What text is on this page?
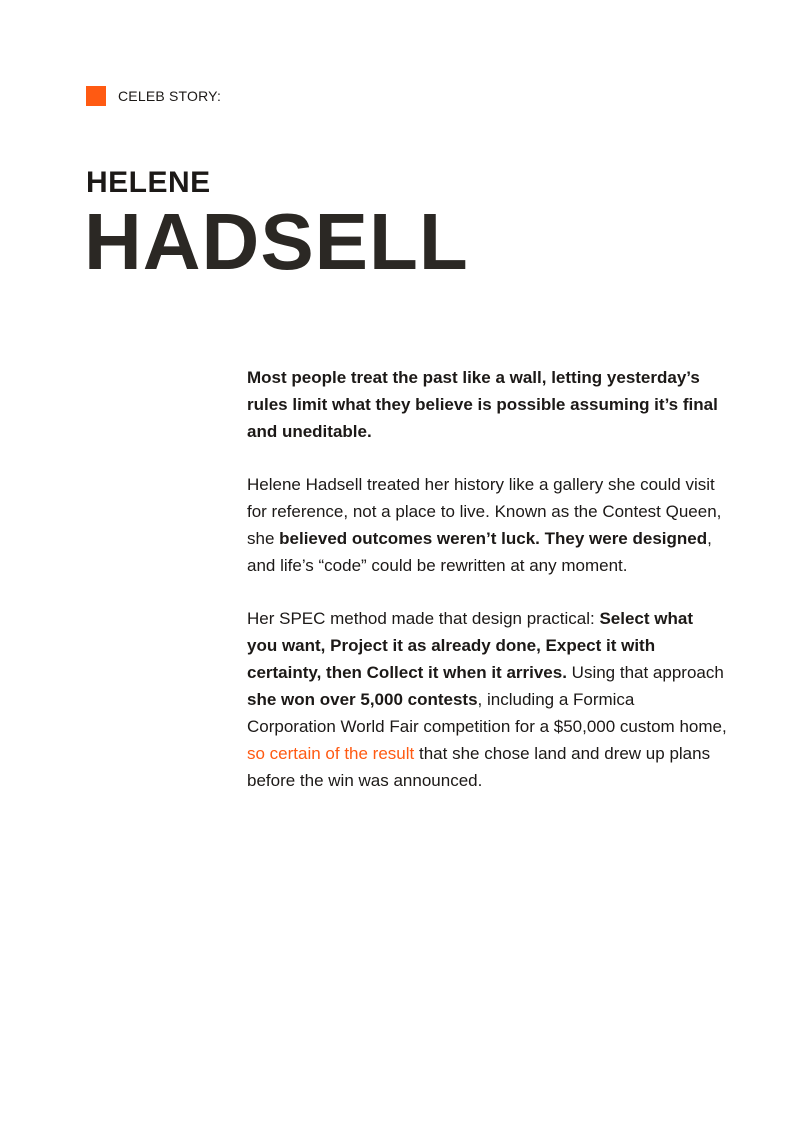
CELEB STORY:
HELENE
HADSELL

Most people treat the past like a wall, letting yesterday’s rules limit what they believe is possible assuming it’s final and uneditable.

Helene Hadsell treated her history like a gallery she could visit for reference, not a place to live. Known as the Contest Queen, she believed outcomes weren’t luck. They were designed, and life’s “code” could be rewritten at any moment.

Her SPEC method made that design practical: Select what you want, Project it as already done, Expect it with certainty, then Collect it when it arrives. Using that approach she won over 5,000 contests, including a Formica Corporation World Fair competition for a $50,000 custom home, so certain of the result that she chose land and drew up plans before the win was announced.
